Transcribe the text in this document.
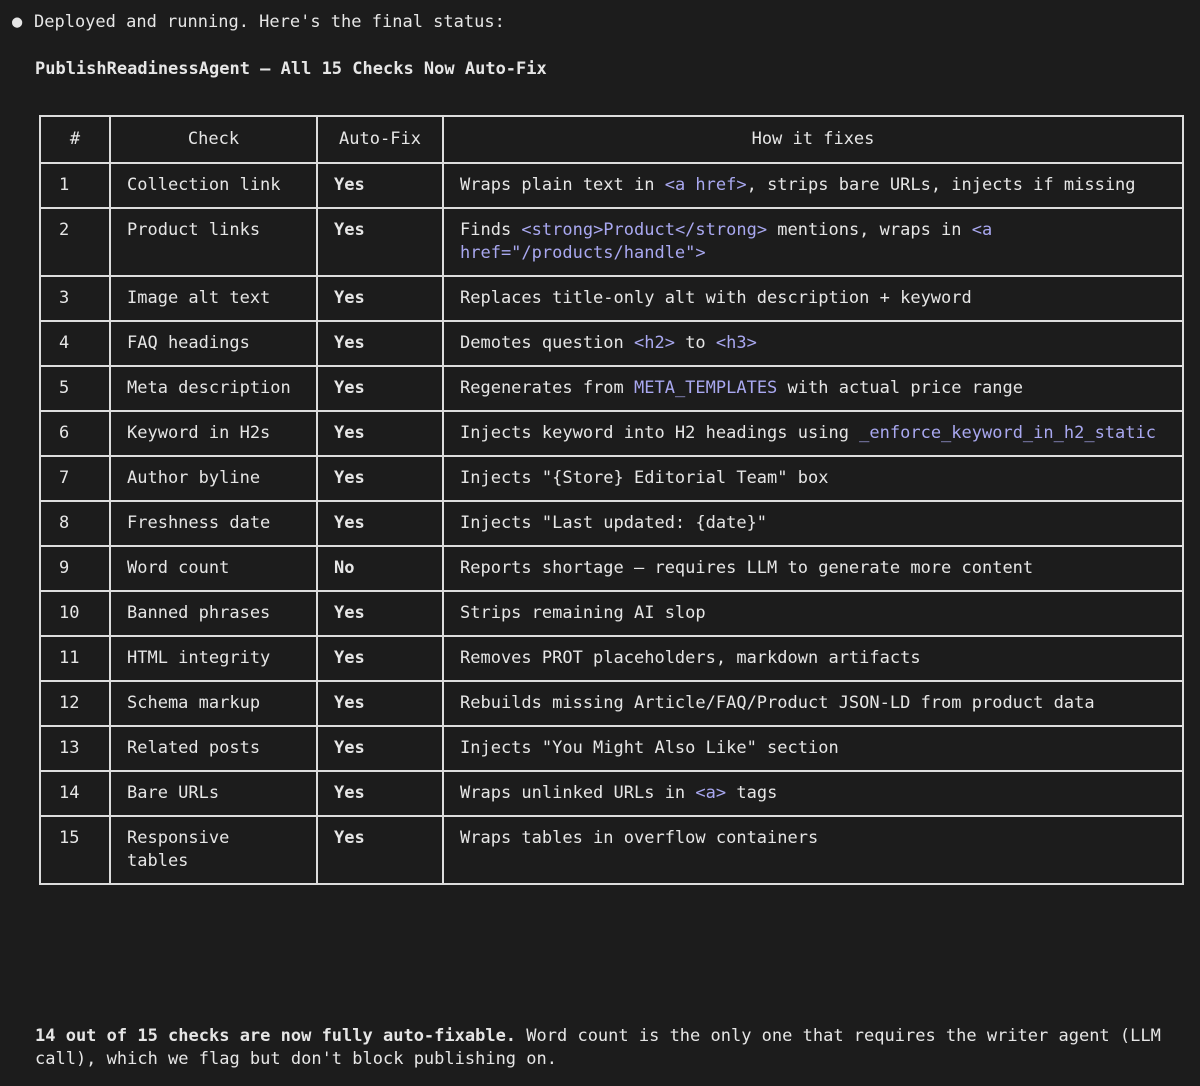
● Deployed and running. Here's the final status:
PublishReadinessAgent — All 15 Checks Now Auto-Fix
#	Check	Auto-Fix	How it fixes
1	Collection link	Yes	Wraps plain text in <a href>, strips bare URLs, injects if missing
2	Product links	Yes	Finds <strong>Product</strong> mentions, wraps in <a href="/products/handle">
3	Image alt text	Yes	Replaces title-only alt with description + keyword
4	FAQ headings	Yes	Demotes question <h2> to <h3>
5	Meta description	Yes	Regenerates from META_TEMPLATES with actual price range
6	Keyword in H2s	Yes	Injects keyword into H2 headings using _enforce_keyword_in_h2_static
7	Author byline	Yes	Injects "{Store} Editorial Team" box
8	Freshness date	Yes	Injects "Last updated: {date}"
9	Word count	No	Reports shortage — requires LLM to generate more content
10	Banned phrases	Yes	Strips remaining AI slop
11	HTML integrity	Yes	Removes PROT placeholders, markdown artifacts
12	Schema markup	Yes	Rebuilds missing Article/FAQ/Product JSON-LD from product data
13	Related posts	Yes	Injects "You Might Also Like" section
14	Bare URLs	Yes	Wraps unlinked URLs in <a> tags
15	Responsive tables	Yes	Wraps tables in overflow containers
14 out of 15 checks are now fully auto-fixable. Word count is the only one that requires the writer agent (LLM call), which we flag but don't block publishing on.
